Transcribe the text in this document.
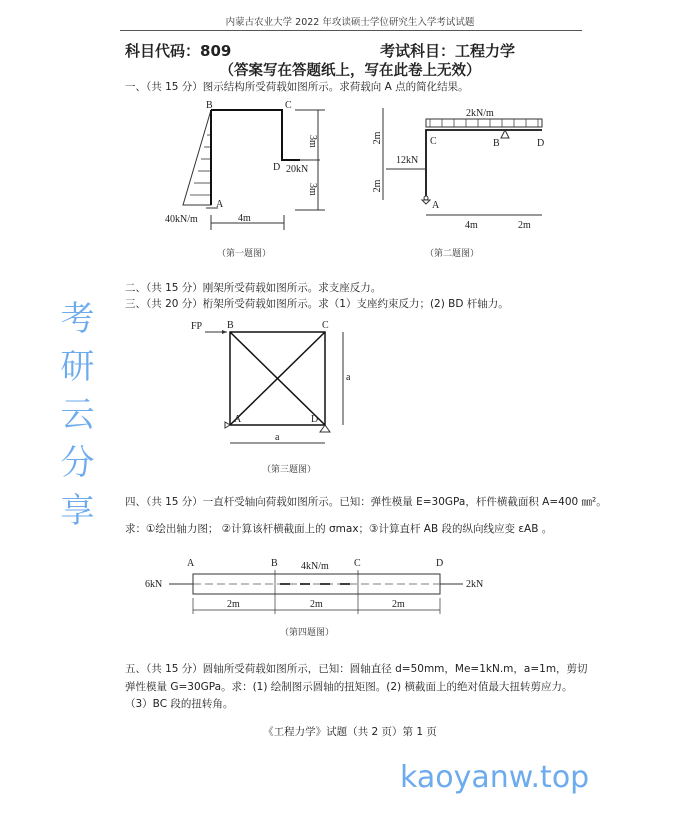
内蒙古农业大学 2022 年攻读硕士学位研究生入学考试试题
科目代码：809	考试科目：工程力学
（答案写在答题纸上，写在此卷上无效）
一、（共 15 分）图示结构所受荷载如图所示。求荷载向 A 点的简化结果。
B	C
D
A
20kN
40kN/m	4m
3m
3m
（第一题图）
2kN/m
12kN
C	B	D
A
2m
2m
4m	2m
（第二题图）
二、（共 15 分）刚架所受荷载如图所示。求支座反力。
三、（共 20 分）桁架所受荷载如图所示。求（1）支座约束反力；(2) BD 杆轴力。
FP B	C
A	D
a
a
（第三题图）
四、（共 15 分）一直杆受轴向荷载如图所示。已知：弹性模量 E=30GPa，杆件横截面积 A=400 ㎜²。
求：①绘出轴力图； ②计算该杆横截面上的 σmax；③计算直杆 AB 段的纵向线应变 εAB 。
A	B	C	D
4kN/m
6kN	2kN
2m	2m	2m
（第四题图）
五、（共 15 分）圆轴所受荷载如图所示，已知：圆轴直径 d=50mm，Me=1kN.m，a=1m，剪切
弹性模量 G=30GPa。求：(1) 绘制图示圆轴的扭矩图。(2) 横截面上的绝对值最大扭转剪应力。
（3）BC 段的扭转角。
《工程力学》试题（共 2 页）第 1 页
考研云分享
kaoyanw.top
